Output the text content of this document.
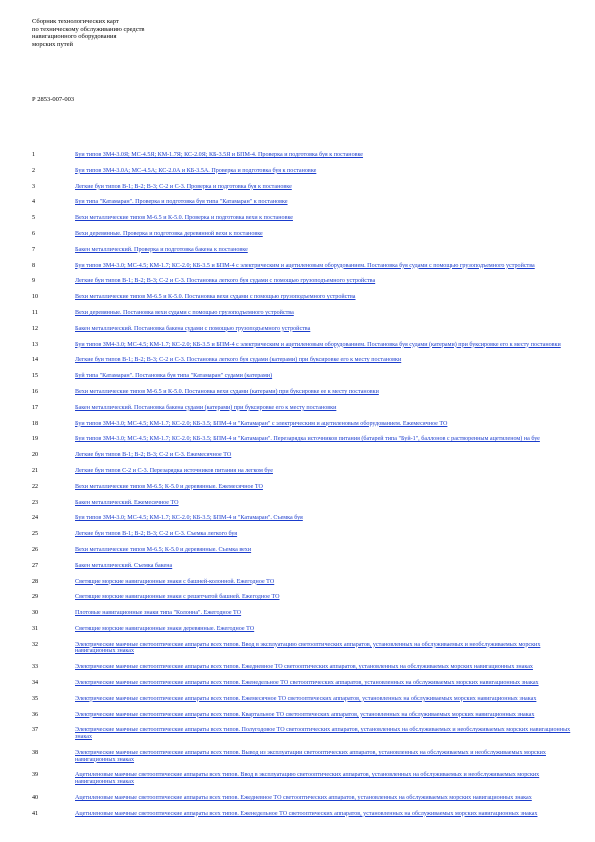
Сборник технологических карт
по техническому обслуживанию средств
навигационного оборудования
морских путей
Р 2853-007-003
1	Буи типов ЗМ4-3.0Я; МС-4.5Я; КМ-1.7Я; КС-2.0Я; КБ-3.5Я и БПМ-4. Проверка и подготовка буя к постановке
2	Буи типов ЗМ4-3.0А; МС-4.5А; КС-2.0А и КБ-3.5А. Проверка и подготовка буя к постановке
3	Легкие буи типов В-1; В-2; В-3; С-2 и С-3. Проверка и подготовка буя к постановке
4	Буи типа "Катамаран". Проверка и подготовка буя типа "Катамаран" к постановке
5	Вехи металлические типов М-6.5 и К-5.0. Проверка и подготовка вехи к постановке
6	Вехи деревянные. Проверка и подготовка деревянной вехи к постановке
7	Бакен металлический. Проверка и подготовка бакена к постановке
8	Буи типов ЗМ4-3.0; МС-4.5; КМ-1.7; КС-2.0; КБ-3.5 и БПМ-4 с электрическим и ацетиленовым оборудованием. Постановка буя судами с помощью грузоподъемного устройства
9	Легкие буи типов В-1; В-2; В-3; С-2 и С-3. Постановка легкого буя судами с помощью грузоподъемного устройства
10	Вехи металлические типов М-6.5 и К-5.0. Постановка вехи судами с помощью грузоподъемного устройства
11	Вехи деревянные. Постановка вехи судами с помощью грузоподъемного устройства
12	Бакен металлический. Постановка бакена судами с помощью грузоподъемного устройства
13	Буи типов ЗМ4-3.0; МС-4.5; КМ-1.7; КС-2.0; КБ-3.5 и БПМ-4 с электрическим и ацетиленовым оборудованием. Постановка буя судами (катерами) при буксировке его к месту постановки
14	Легкие буи типов В-1; В-2; В-3; С-2 и С-3. Постановка легкого буя судами (катерами) при буксировке его к месту постановки
15	Буй типа "Катамаран". Постановка буя типа "Катамаран" судами (катерами)
16	Вехи металлические типов М-6.5 и К-5.0. Постановка вехи судами (катерами) при буксировке ее к месту постановки
17	Бакен металлический. Постановка бакена судами (катерами) при буксировке его к месту постановки
18	Буи типов ЗМ4-3.0; МС-4.5; КМ-1.7; КС-2.0; КБ-3.5; БПМ-4 и "Катамаран" с электрическим и ацетиленовым оборудованием. Ежемесячное ТО
19	Буи типов ЗМ4-3.0; МС-4.5; КМ-1.7; КС-2.0; КБ-3.5; БПМ-4 и "Катамаран". Перезарядка источников питания (батарей типа "Буй-1", баллонов с растворенным ацетиленом) на буе
20	Легкие буи типов В-1; В-2; В-3; С-2 и С-3. Ежемесячное ТО
21	Легкие буи типов С-2 и С-3. Перезарядка источников питания на легком буе
22	Вехи металлические типов М-6.5; К-5.0 и деревянные. Ежемесячное ТО
23	Бакен металлический. Ежемесячное ТО
24	Буи типов ЗМ4-3.0; МС-4.5; КМ-1.7; КС-2.0; КБ-3.5; БПМ-4 и "Катамаран". Съемка буя
25	Легкие буи типов В-1; В-2; В-3; С-2 и С-3. Съемка легкого буя
26	Вехи металлические типов М-6.5; К-5.0 и деревянные. Съемка вехи
27	Бакен металлический. Съемка бакена
28	Светящие морские навигационные знаки с башней-колонной. Ежегодное ТО
29	Светящие морские навигационные знаки с решетчатой башней. Ежегодное ТО
30	Плотовые навигационные знаки типа "Колонна". Ежегодное ТО
31	Светящие морские навигационные знаки деревянные. Ежегодное ТО
32	Электрические маячные светооптические аппараты всех типов. Ввод в эксплуатацию светооптических аппаратов, установленных на обслуживаемых и необслуживаемых морских навигационных знаках
33	Электрические маячные светооптические аппараты всех типов. Ежедневное ТО светооптических аппаратов, установленных на обслуживаемых морских навигационных знаках
34	Электрические маячные светооптические аппараты всех типов. Еженедельное ТО светооптических аппаратов, установленных на обслуживаемых морских навигационных знаках
35	Электрические маячные светооптические аппараты всех типов. Ежемесячное ТО светооптических аппаратов, установленных на обслуживаемых морских навигационных знаках
36	Электрические маячные светооптические аппараты всех типов. Квартальное ТО светооптических аппаратов, установленных на обслуживаемых морских навигационных знаках
37	Электрические маячные светооптические аппараты всех типов. Полугодовое ТО светооптических аппаратов, установленных на обслуживаемых и необслуживаемых морских навигационных знаках
38	Электрические маячные светооптические аппараты всех типов. Вывод из эксплуатации светооптических аппаратов, установленных на обслуживаемых и необслуживаемых морских навигационных знаках
39	Ацетиленовые маячные светооптические аппараты всех типов. Ввод в эксплуатацию светооптических аппаратов, установленных на обслуживаемых и необслуживаемых морских навигационных знаках
40	Ацетиленовые маячные светооптические аппараты всех типов. Ежедневное ТО светооптических аппаратов, установленных на обслуживаемых морских навигационных знаках
41	Ацетиленовые маячные светооптические аппараты всех типов. Еженедельное ТО светооптических аппаратов, установленных на обслуживаемых морских навигационных знаках
